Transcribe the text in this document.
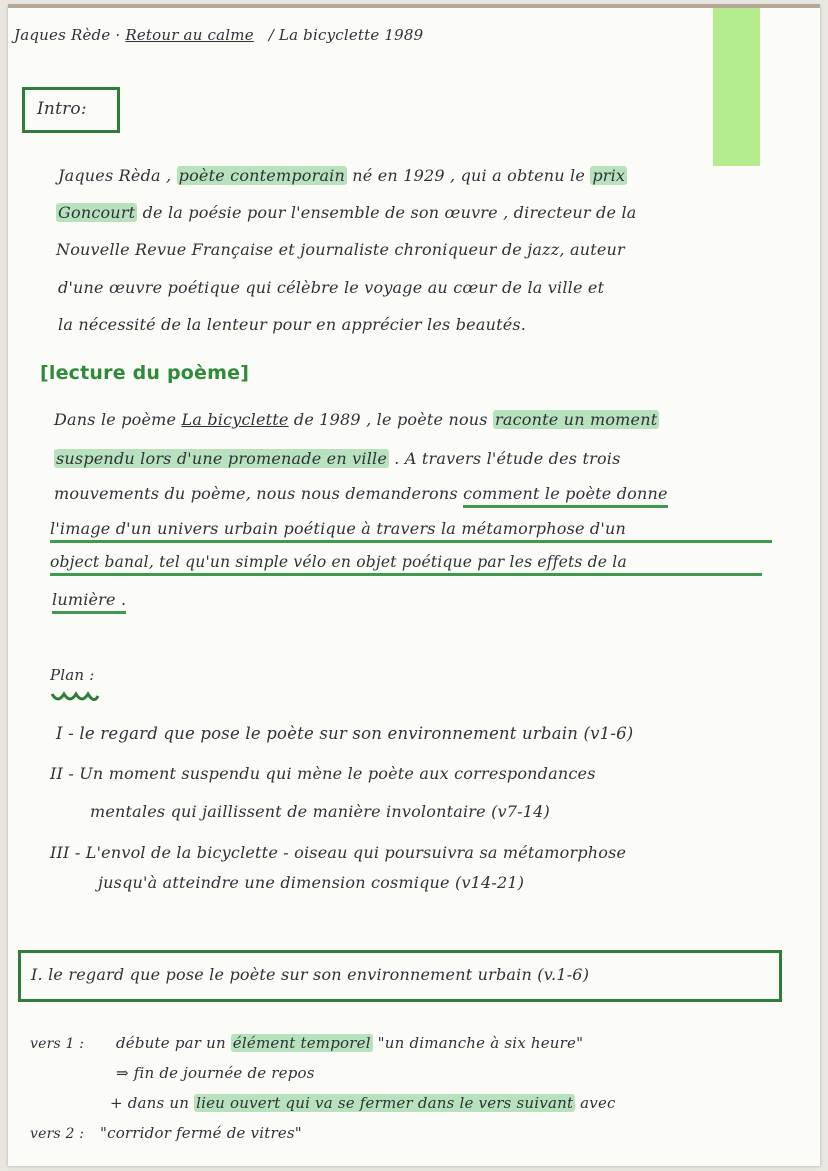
Jaques Rède · Retour au calme / La bicyclette 1989
Intro:
Jaques Rèda , poète contemporain né en 1929 , qui a obtenu le prix
Goncourt de la poésie pour l'ensemble de son œuvre , directeur de la
Nouvelle Revue Française et journaliste chroniqueur de jazz, auteur
d'une œuvre poétique qui célèbre le voyage au cœur de la ville et
la nécessité de la lenteur pour en apprécier les beautés.
[lecture du poème]
Dans le poème La bicyclette de 1989 , le poète nous raconte un moment
suspendu lors d'une promenade en ville . A travers l'étude des trois
mouvements du poème, nous nous demanderons comment le poète donne
l'image d'un univers urbain poétique à travers la métamorphose d'un
object banal, tel qu'un simple vélo en objet poétique par les effets de la
lumière .
Plan :
I - le regard que pose le poète sur son environnement urbain (v1-6)
II - Un moment suspendu qui mène le poète aux correspondances
mentales qui jaillissent de manière involontaire (v7-14)
III - L'envol de la bicyclette - oiseau qui poursuivra sa métamorphose
jusqu'à atteindre une dimension cosmique (v14-21)
I. le regard que pose le poète sur son environnement urbain (v.1-6)
vers 1 : débute par un élément temporel "un dimanche à six heure"
⇒ fin de journée de repos
+ dans un lieu ouvert qui va se fermer dans le vers suivant avec
vers 2 : "corridor fermé de vitres"
